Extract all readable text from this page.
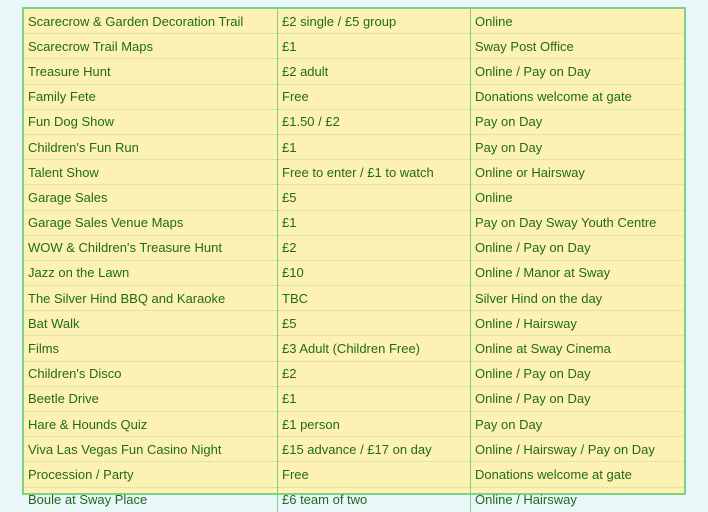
Scarecrow & Garden Decoration Trail	£2 single / £5 group	Online
Scarecrow Trail Maps	£1	Sway Post Office
Treasure Hunt	£2 adult	Online / Pay on Day
Family Fete	Free	Donations welcome at gate
Fun Dog Show	£1.50 / £2	Pay on Day
Children's Fun Run	£1	Pay on Day
Talent Show	Free to enter / £1 to watch	Online or Hairsway
Garage Sales	£5	Online
Garage Sales Venue Maps	£1	Pay on Day Sway Youth Centre
WOW & Children's Treasure Hunt	£2	Online / Pay on Day
Jazz on the Lawn	£10	Online / Manor at Sway
The Silver Hind BBQ and Karaoke	TBC	Silver Hind on the day
Bat Walk	£5	Online / Hairsway
Films	£3 Adult (Children Free)	Online at Sway Cinema
Children's Disco	£2	Online / Pay on Day
Beetle Drive	£1	Online / Pay on Day
Hare & Hounds Quiz	£1 person	Pay on Day
Viva Las Vegas Fun Casino Night	£15 advance / £17 on day	Online / Hairsway / Pay on Day
Procession / Party	Free	Donations welcome at gate
Boule at Sway Place	£6 team of two	Online / Hairsway
